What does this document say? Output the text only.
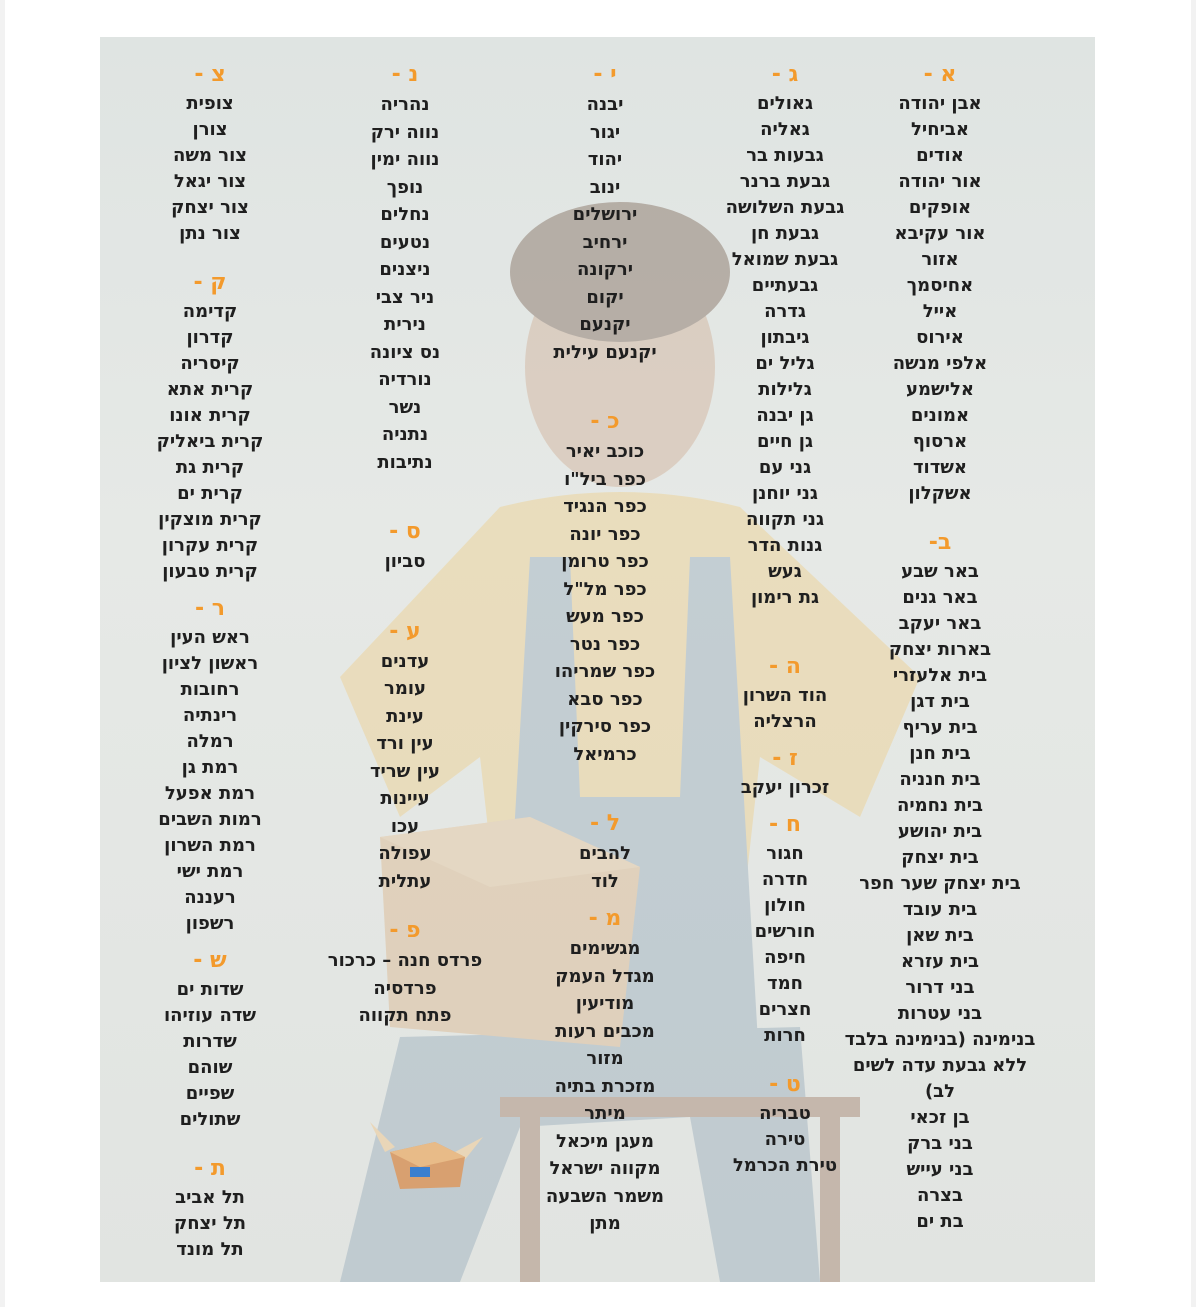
א -
אבן יהודה
אביחיל
אודים
אור יהודה
אופקים
אור עקיבא
אזור
אחיסמך
אייל
אירוס
אלפי מנשה
אלישמע
אמונים
ארסוף
אשדוד
אשקלון
ב-
באר שבע
באר גנים
באר יעקב
בארות יצחק
בית אלעזרי
בית דגן
בית עריף
בית חנן
בית חנניה
בית נחמיה
בית יהושע
בית יצחק
בית יצחק שער חפר
בית עובד
בית שאן
בית עזרא
בני דרור
בני עטרות
בנימינה (בנימינה בלבד
ללא גבעת עדה לשים
לב)
בן זכאי
בני ברק
בני עייש
בצרה
בת ים
ג -
גאולים
גאליה
גבעות בר
גבעת ברנר
גבעת השלושה
גבעת חן
גבעת שמואל
גבעתיים
גדרה
גיבתון
גליל ים
גלילות
גן יבנה
גן חיים
גני עם
גני יוחנן
גני תקווה
גנות הדר
געש
גת רימון
ה -
הוד השרון
הרצליה
ז -
זכרון יעקב
ח -
חגור
חדרה
חולון
חורשים
חיפה
חמד
חצרים
חרות
ט -
טבריה
טירה
טירת הכרמל
י -
יבנה
יגור
יהוד
ינוב
ירושלים
ירחיב
ירקונה
יקום
יקנעם
יקנעם עילית
כ -
כוכב יאיר
כפר ביל"ו
כפר הנגיד
כפר יונה
כפר טרומן
כפר מל"ל
כפר מעש
כפר נטר
כפר שמריהו
כפר סבא
כפר סירקין
כרמיאל
ל -
להבים
לוד
מ -
מגשימים
מגדל העמק
מודיעין
מכבים רעות
מזור
מזכרת בתיה
מיתר
מעגן מיכאל
מקווה ישראל
משמר השבעה
מתן
נ -
נהריה
נווה ירק
נווה ימין
נופך
נחלים
נטעים
ניצנים
ניר צבי
נירית
נס ציונה
נורדיה
נשר
נתניה
נתיבות
ס -
סביון
ע -
עדנים
עומר
עינת
עין ורד
עין שריד
עיינות
עכו
עפולה
עתלית
פ -
פרדס חנה – כרכור
פרדסיה
פתח תקווה
צ -
צופית
צורן
צור משה
צור יגאל
צור יצחק
צור נתן
ק -
קדימה
קדרון
קיסריה
קרית אתא
קרית אונו
קרית ביאליק
קרית גת
קרית ים
קרית מוצקין
קרית עקרון
קרית טבעון
ר -
ראש העין
ראשון לציון
רחובות
רינתיה
רמלה
רמת גן
רמת אפעל
רמות השבים
רמת השרון
רמת ישי
רעננה
רשפון
ש -
שדות ים
שדה עוזיהו
שדרות
שוהם
שפיים
שתולים
ת -
תל אביב
תל יצחק
תל מונד
